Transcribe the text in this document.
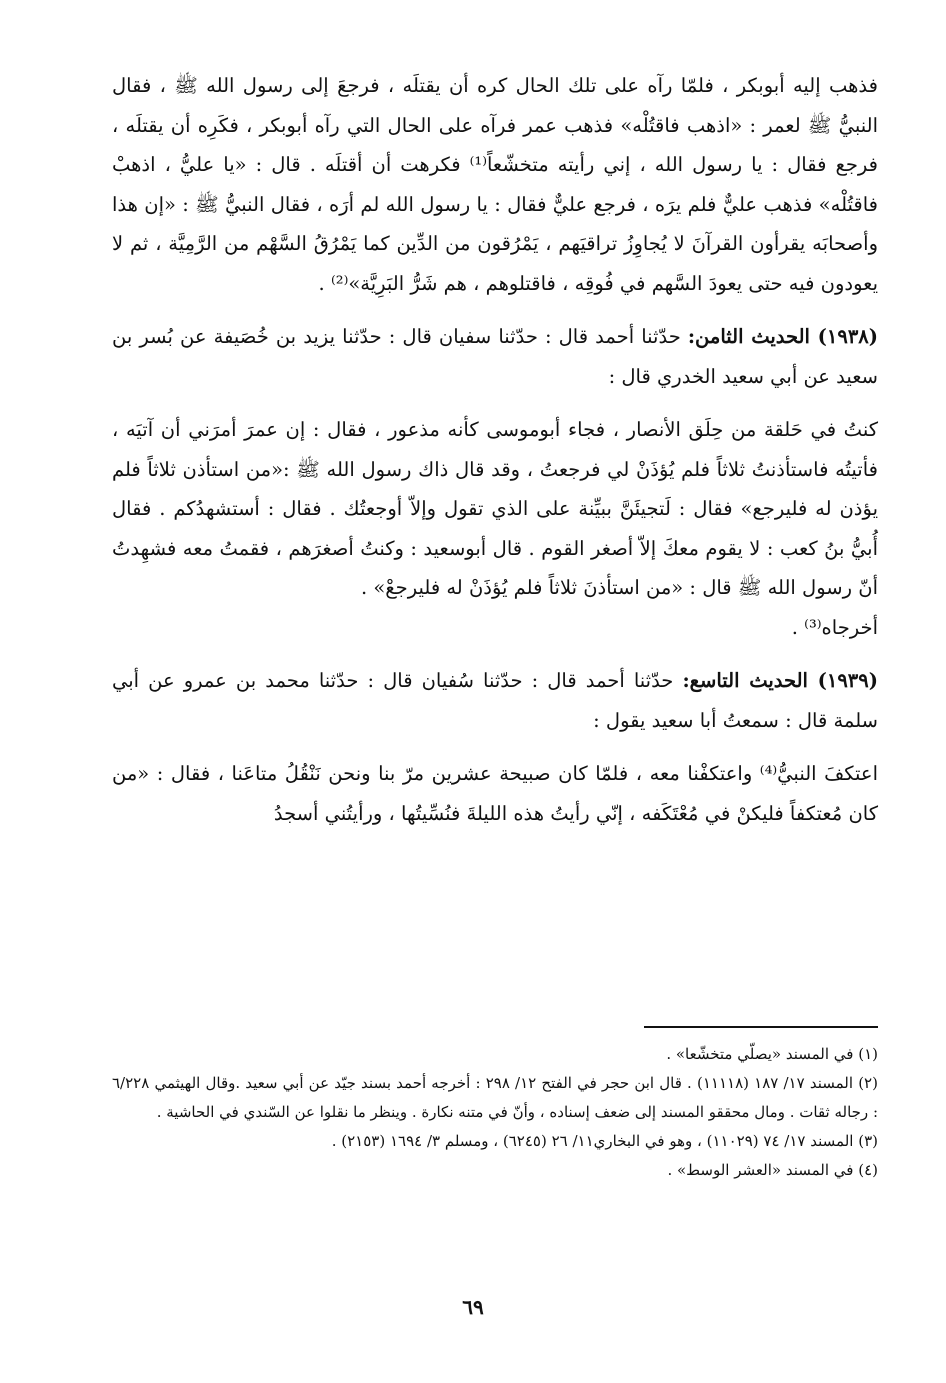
فذهب إليه أبوبكر ، فلمّا رآه على تلك الحال كره أن يقتلَه ، فرجعَ إلى رسول الله ﷺ ، فقال النبيُّ ﷺ لعمر : «اذهب فاقتُلْه» فذهب عمر فرآه على الحال التي رآه أبوبكر ، فكَرِه أن يقتلَه ، فرجع فقال : يا رسول الله ، إني رأيته متخشّعاً⁽¹⁾ فكرهت أن أقتلَه . قال : «يا عليُّ ، اذهبْ فاقتُلْه» فذهب عليٌّ فلم يرَه ، فرجع عليٌّ فقال : يا رسول الله لم أرَه ، فقال النبيُّ ﷺ : «إن هذا وأصحابَه يقرأون القرآنَ لا يُجاوِزُ تراقيَهم ، يَمْرُقون من الدِّين كما يَمْرُقُ السَّهْم من الرَّمِيَّة ، ثم لا يعودون فيه حتى يعودَ السَّهم في فُوقِه ، فاقتلوهم ، هم شَرُّ البَرِيَّة»⁽²⁾ .

(١٩٣٨) الحديث الثامن: حدّثنا أحمد قال : حدّثنا سفيان قال : حدّثنا يزيد بن خُصَيفة عن بُسر بن سعيد عن أبي سعيد الخدري قال :

كنتُ في حَلقة من حِلَق الأنصار ، فجاء أبوموسى كأنه مذعور ، فقال : إن عمرَ أمرَني أن آتيَه ، فأتيتُه فاستأذنتُ ثلاثاً فلم يُؤذَنْ لي فرجعتُ ، وقد قال ذاك رسول الله ﷺ :«من استأذن ثلاثاً فلم يؤذن له فليرجع» فقال : لَتجيئَنَّ ببيِّنة على الذي تقول وإلاّ أوجعتُك . فقال : أستشهدُكم . فقال أُبيُّ بنُ كعب : لا يقوم معكَ إلاّ أصغر القوم . قال أبوسعيد : وكنتُ أصغرَهم ، فقمتُ معه فشهِدتُ أنّ رسول الله ﷺ قال : «من استأذنَ ثلاثاً فلم يُؤذَنْ له فليرجعْ» .

أخرجاه⁽³⁾ .

(١٩٣٩) الحديث التاسع: حدّثنا أحمد قال : حدّثنا سُفيان قال : حدّثنا محمد بن عمرو عن أبي سلمة قال : سمعتُ أبا سعيد يقول :

اعتكفَ النبيُّ⁽⁴⁾ واعتكفْنا معه ، فلمّا كان صبيحة عشرين مرّ بنا ونحن نَنْقُلُ متاعَنا ، فقال : «من كان مُعتكفاً فليكنْ في مُعْتَكَفه ، إنّي رأيتُ هذه الليلةَ فنُسِّيتُها ، ورأيتُني أسجدُ

(١) في المسند «يصلّي متخشّعا» .

(٢) المسند ١٧/ ١٨٧ (١١١١٨) . قال ابن حجر في الفتح ١٢/ ٢٩٨ : أخرجه أحمد بسند جيّد عن أبي سعيد .وقال الهيثمي ٦/٢٢٨ : رجاله ثقات . ومال محققو المسند إلى ضعف إسناده ، وأنّ في متنه نكارة . وينظر ما نقلوا عن السّندي في الحاشية .

(٣) المسند ١٧/ ٧٤ (١١٠٢٩) ، وهو في البخاري١١/ ٢٦ (٦٢٤٥) ، ومسلم ٣/ ١٦٩٤ (٢١٥٣) .

(٤) في المسند «العشر الوسط» .

٦٩
